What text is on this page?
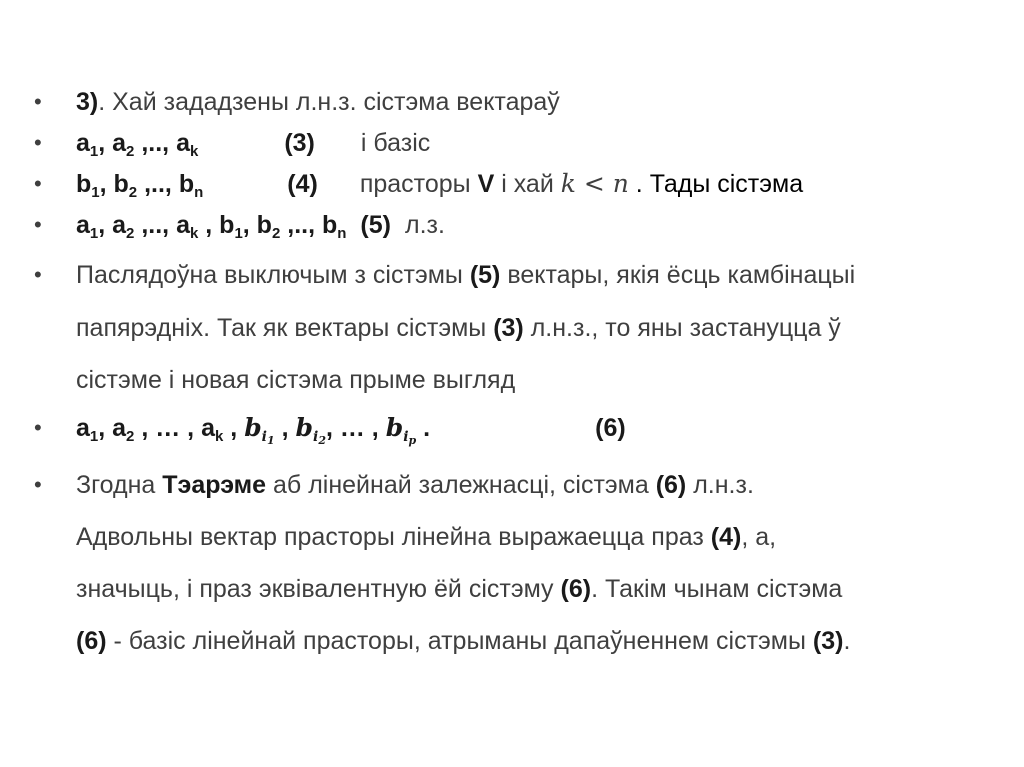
• 3). Хай зададзены л.н.з. сістэма вектараў
• $a_1$, $a_2$ ,.., $a_k$	(3) і базіс
• $b_1$, $b_2$ ,.., $b_n$	(4) прасторы V і хай k < n . Тады сістэма
• $a_1$, $a_2$ ,.., $a_k$ , $b_1$, $b_2$ ,.., $b_n$ (5) л.з.
• Паслядоўна выключым з сістэмы (5) вектары, якія ёсць камбінацыі
папярэдніх. Так як вектары сістэмы (3) л.н.з., то яны застануцца ў
сістэме і новая сістэма прыме выгляд
• $a_1$, $a_2$ , … , $a_k$ , $b_{i_1}$ , $b_{i_2}$, … , $b_{i_p}$ .	(6)
• Згодна Тэарэме аб лінейнай залежнасці, сістэма (6) л.н.з.
Адвольны вектар прасторы лінейна выражаецца праз (4), а,
значыць, і праз эквівалентную ёй сістэму (6). Такім чынам сістэма
(6) - базіс лінейнай прасторы, атрыманы дапаўненнем сістэмы (3).
